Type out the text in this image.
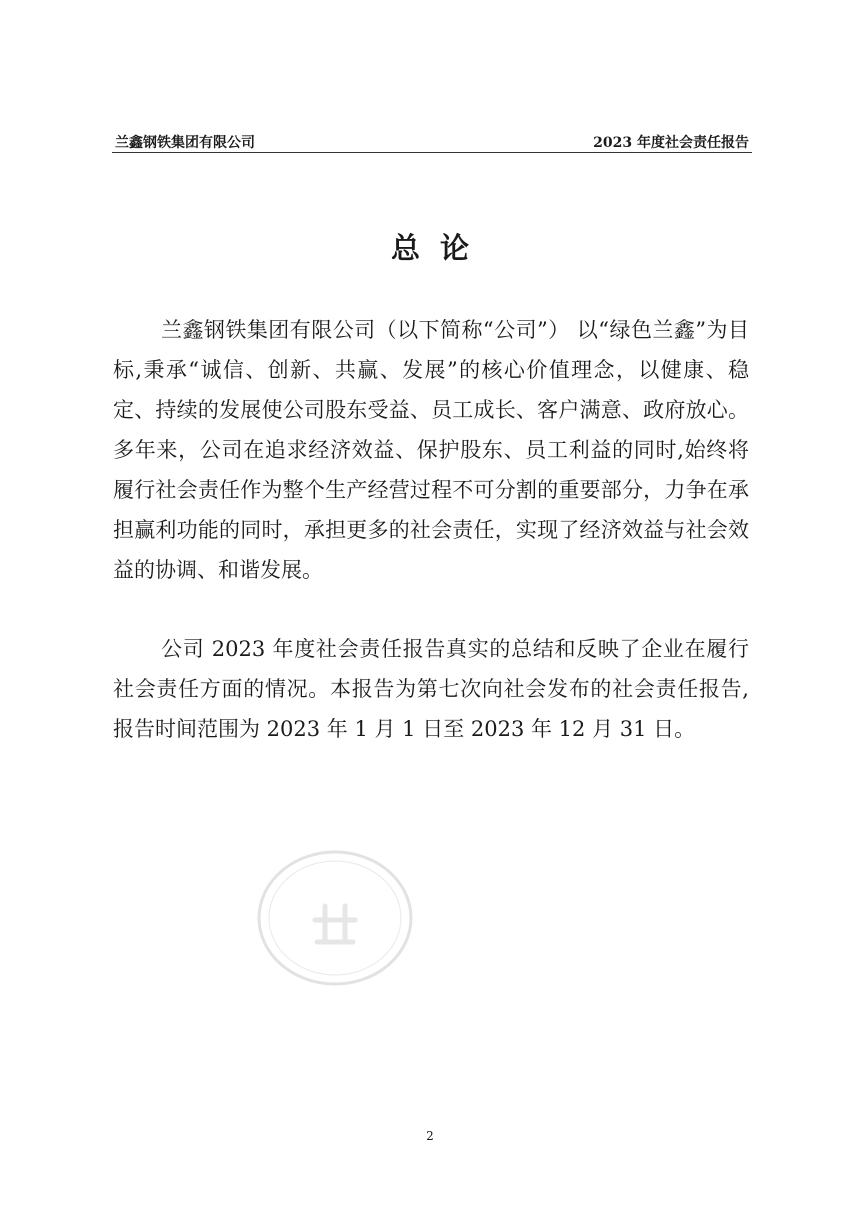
兰鑫钢铁集团有限公司	2023 年度社会责任报告
总论

兰鑫钢铁集团有限公司（以下简称“公司”） 以“绿色兰鑫”为目标,秉承“诚信、创新、共赢、发展”的核心价值理念，以健康、稳定、持续的发展使公司股东受益、员工成长、客户满意、政府放心。多年来，公司在追求经济效益、保护股东、员工利益的同时,始终将履行社会责任作为整个生产经营过程不可分割的重要部分，力争在承担赢利功能的同时，承担更多的社会责任，实现了经济效益与社会效益的协调、和谐发展。

公司 2023 年度社会责任报告真实的总结和反映了企业在履行社会责任方面的情况。本报告为第七次向社会发布的社会责任报告,报告时间范围为 2023 年 1 月 1 日至 2023 年 12 月 31 日。

2
